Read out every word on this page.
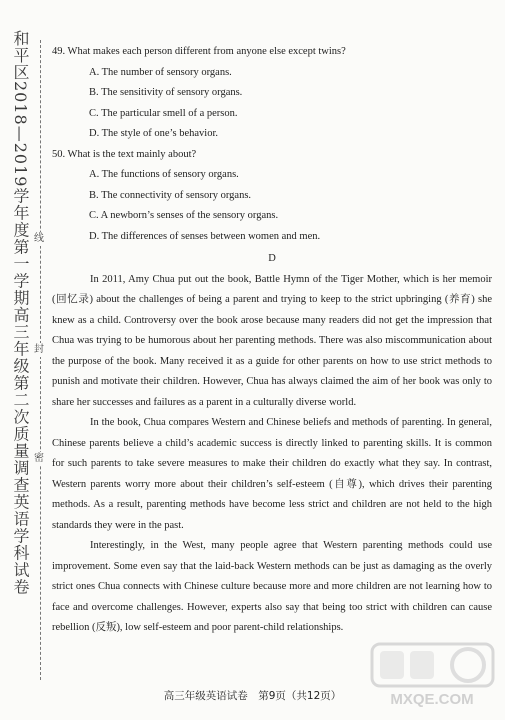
和平区2018—2019学年度第一学期高三年级第二次质量调查英语学科试卷 线
封
密

49. What makes each person different from anyone else except twins?

A. The number of sensory organs.

B. The sensitivity of sensory organs.

C. The particular smell of a person.

D. The style of one’s behavior.

50. What is the text mainly about?

A. The functions of sensory organs.

B. The connectivity of sensory organs.

C. A newborn’s senses of the sensory organs.

D. The differences of senses between women and men.

D

In 2011, Amy Chua put out the book, Battle Hymn of the Tiger Mother, which is her memoir (回忆录) about the challenges of being a parent and trying to keep to the strict upbringing (养育) she knew as a child. Controversy over the book arose because many readers did not get the impression that Chua was trying to be humorous about her parenting methods. There was also miscommunication about the purpose of the book. Many received it as a guide for other parents on how to use strict methods to punish and motivate their children. However, Chua has always claimed the aim of her book was only to share her successes and failures as a parent in a culturally diverse world.

In the book, Chua compares Western and Chinese beliefs and methods of parenting. In general, Chinese parents believe a child’s academic success is directly linked to parenting skills. It is common for such parents to take severe measures to make their children do exactly what they say. In contrast, Western parents worry more about their children’s self-esteem (自尊), which drives their parenting methods. As a result, parenting methods have become less strict and children are not held to the high standards they were in the past.

Interestingly, in the West, many people agree that Western parenting methods could use improvement. Some even say that the laid-back Western methods can be just as damaging as the overly strict ones Chua connects with Chinese culture because more and more children are not learning how to face and overcome challenges. However, experts also say that being too strict with children can cause rebellion (反叛), low self-esteem and poor parent-child relationships.

高三年级英语试卷　第9页（共12页）	MXQE.COM
